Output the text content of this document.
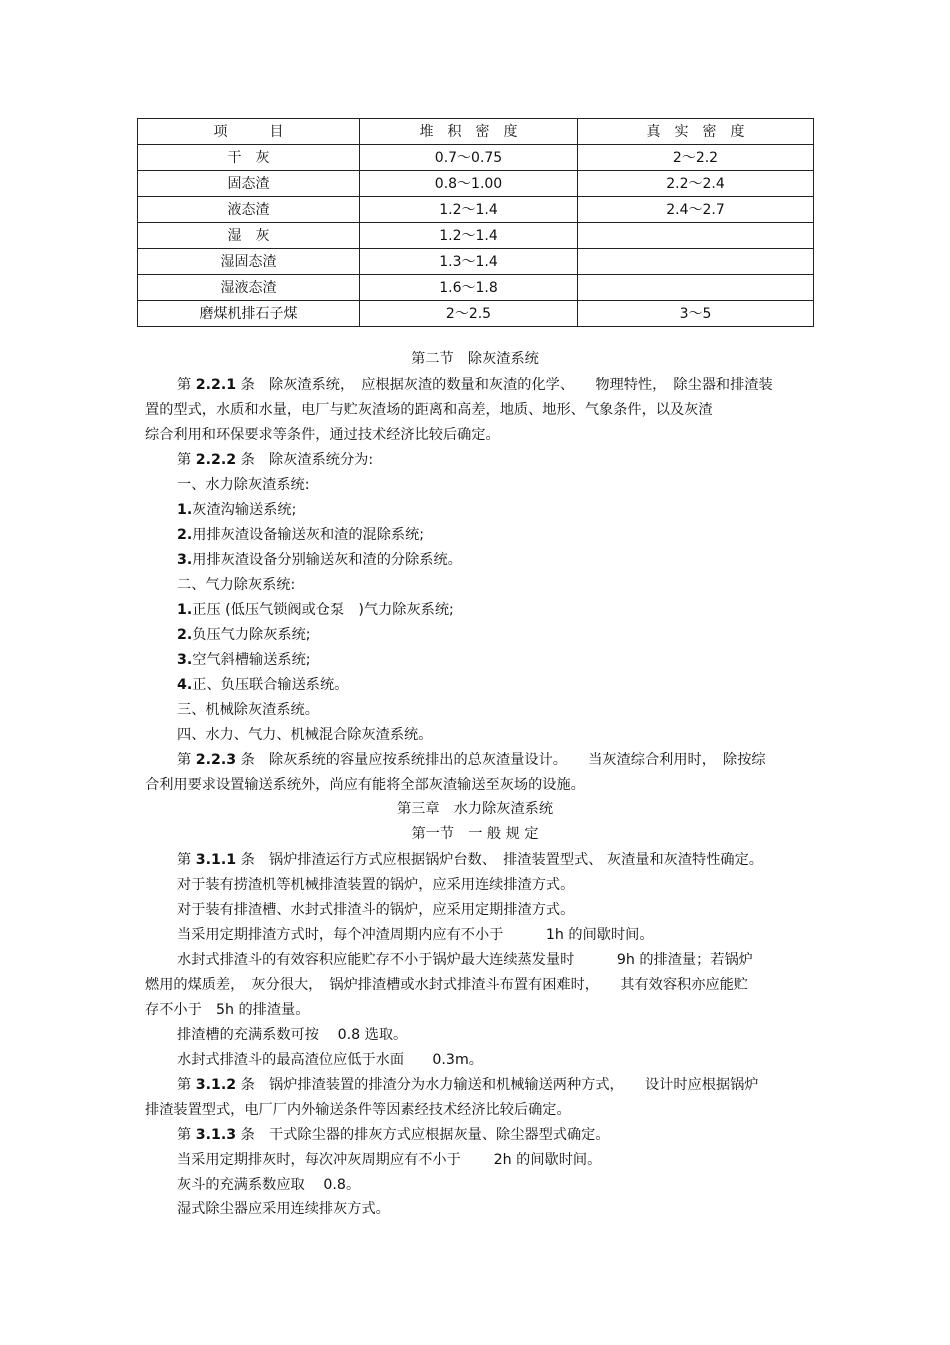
项　　　目	堆　积　密　度	真　实　密　度
干　灰	0.7～0.75	2～2.2
固态渣	0.8～1.00	2.2～2.4
液态渣	1.2～1.4	2.4～2.7
湿　灰	1.2～1.4	
湿固态渣	1.3～1.4	
湿液态渣	1.6～1.8	
磨煤机排石子煤	2～2.5	3～5
第二节　除灰渣系统
第 2.2.1 条　除灰渣系统，　应根据灰渣的数量和灰渣的化学、　　物理特性，　除尘器和排渣装
置的型式，水质和水量，电厂与贮灰渣场的距离和高差，地质、地形、气象条件，以及灰渣
综合利用和环保要求等条件，通过技术经济比较后确定。
第 2.2.2 条　除灰渣系统分为:
一、水力除灰渣系统:
1.灰渣沟输送系统;
2.用排灰渣设备输送灰和渣的混除系统;
3.用排灰渣设备分别输送灰和渣的分除系统。
二、气力除灰系统:
1.正压 (低压气锁阀或仓泵　)气力除灰系统;
2.负压气力除灰系统;
3.空气斜槽输送系统;
4.正、负压联合输送系统。
三、机械除灰渣系统。
四、水力、气力、机械混合除灰渣系统。
第 2.2.3 条　除灰系统的容量应按系统排出的总灰渣量设计。　　当灰渣综合利用时，　除按综
合利用要求设置输送系统外，尚应有能将全部灰渣输送至灰场的设施。
第三章　水力除灰渣系统
第一节　一 般 规 定
第 3.1.1 条　锅炉排渣运行方式应根据锅炉台数、　排渣装置型式、 灰渣量和灰渣特性确定。
对于装有捞渣机等机械排渣装置的锅炉，应采用连续排渣方式。
对于装有排渣槽、水封式排渣斗的锅炉，应采用定期排渣方式。
当采用定期排渣方式时，每个冲渣周期内应有不小于　　　1h 的间歇时间。
水封式排渣斗的有效容积应能贮存不小于锅炉最大连续蒸发量时　　　9h 的排渣量；若锅炉
燃用的煤质差，　灰分很大，　锅炉排渣槽或水封式排渣斗布置有困难时，　　其有效容积亦应能贮
存不小于　5h 的排渣量。
排渣槽的充满系数可按　 0.8 选取。
水封式排渣斗的最高渣位应低于水面　　0.3m。
第 3.1.2 条　锅炉排渣装置的排渣分为水力输送和机械输送两种方式，　　设计时应根据锅炉
排渣装置型式，电厂厂内外输送条件等因素经技术经济比较后确定。
第 3.1.3 条　干式除尘器的排灰方式应根据灰量、除尘器型式确定。
当采用定期排灰时，每次冲灰周期应有不小于　　 2h 的间歇时间。
灰斗的充满系数应取　 0.8。
湿式除尘器应采用连续排灰方式。
